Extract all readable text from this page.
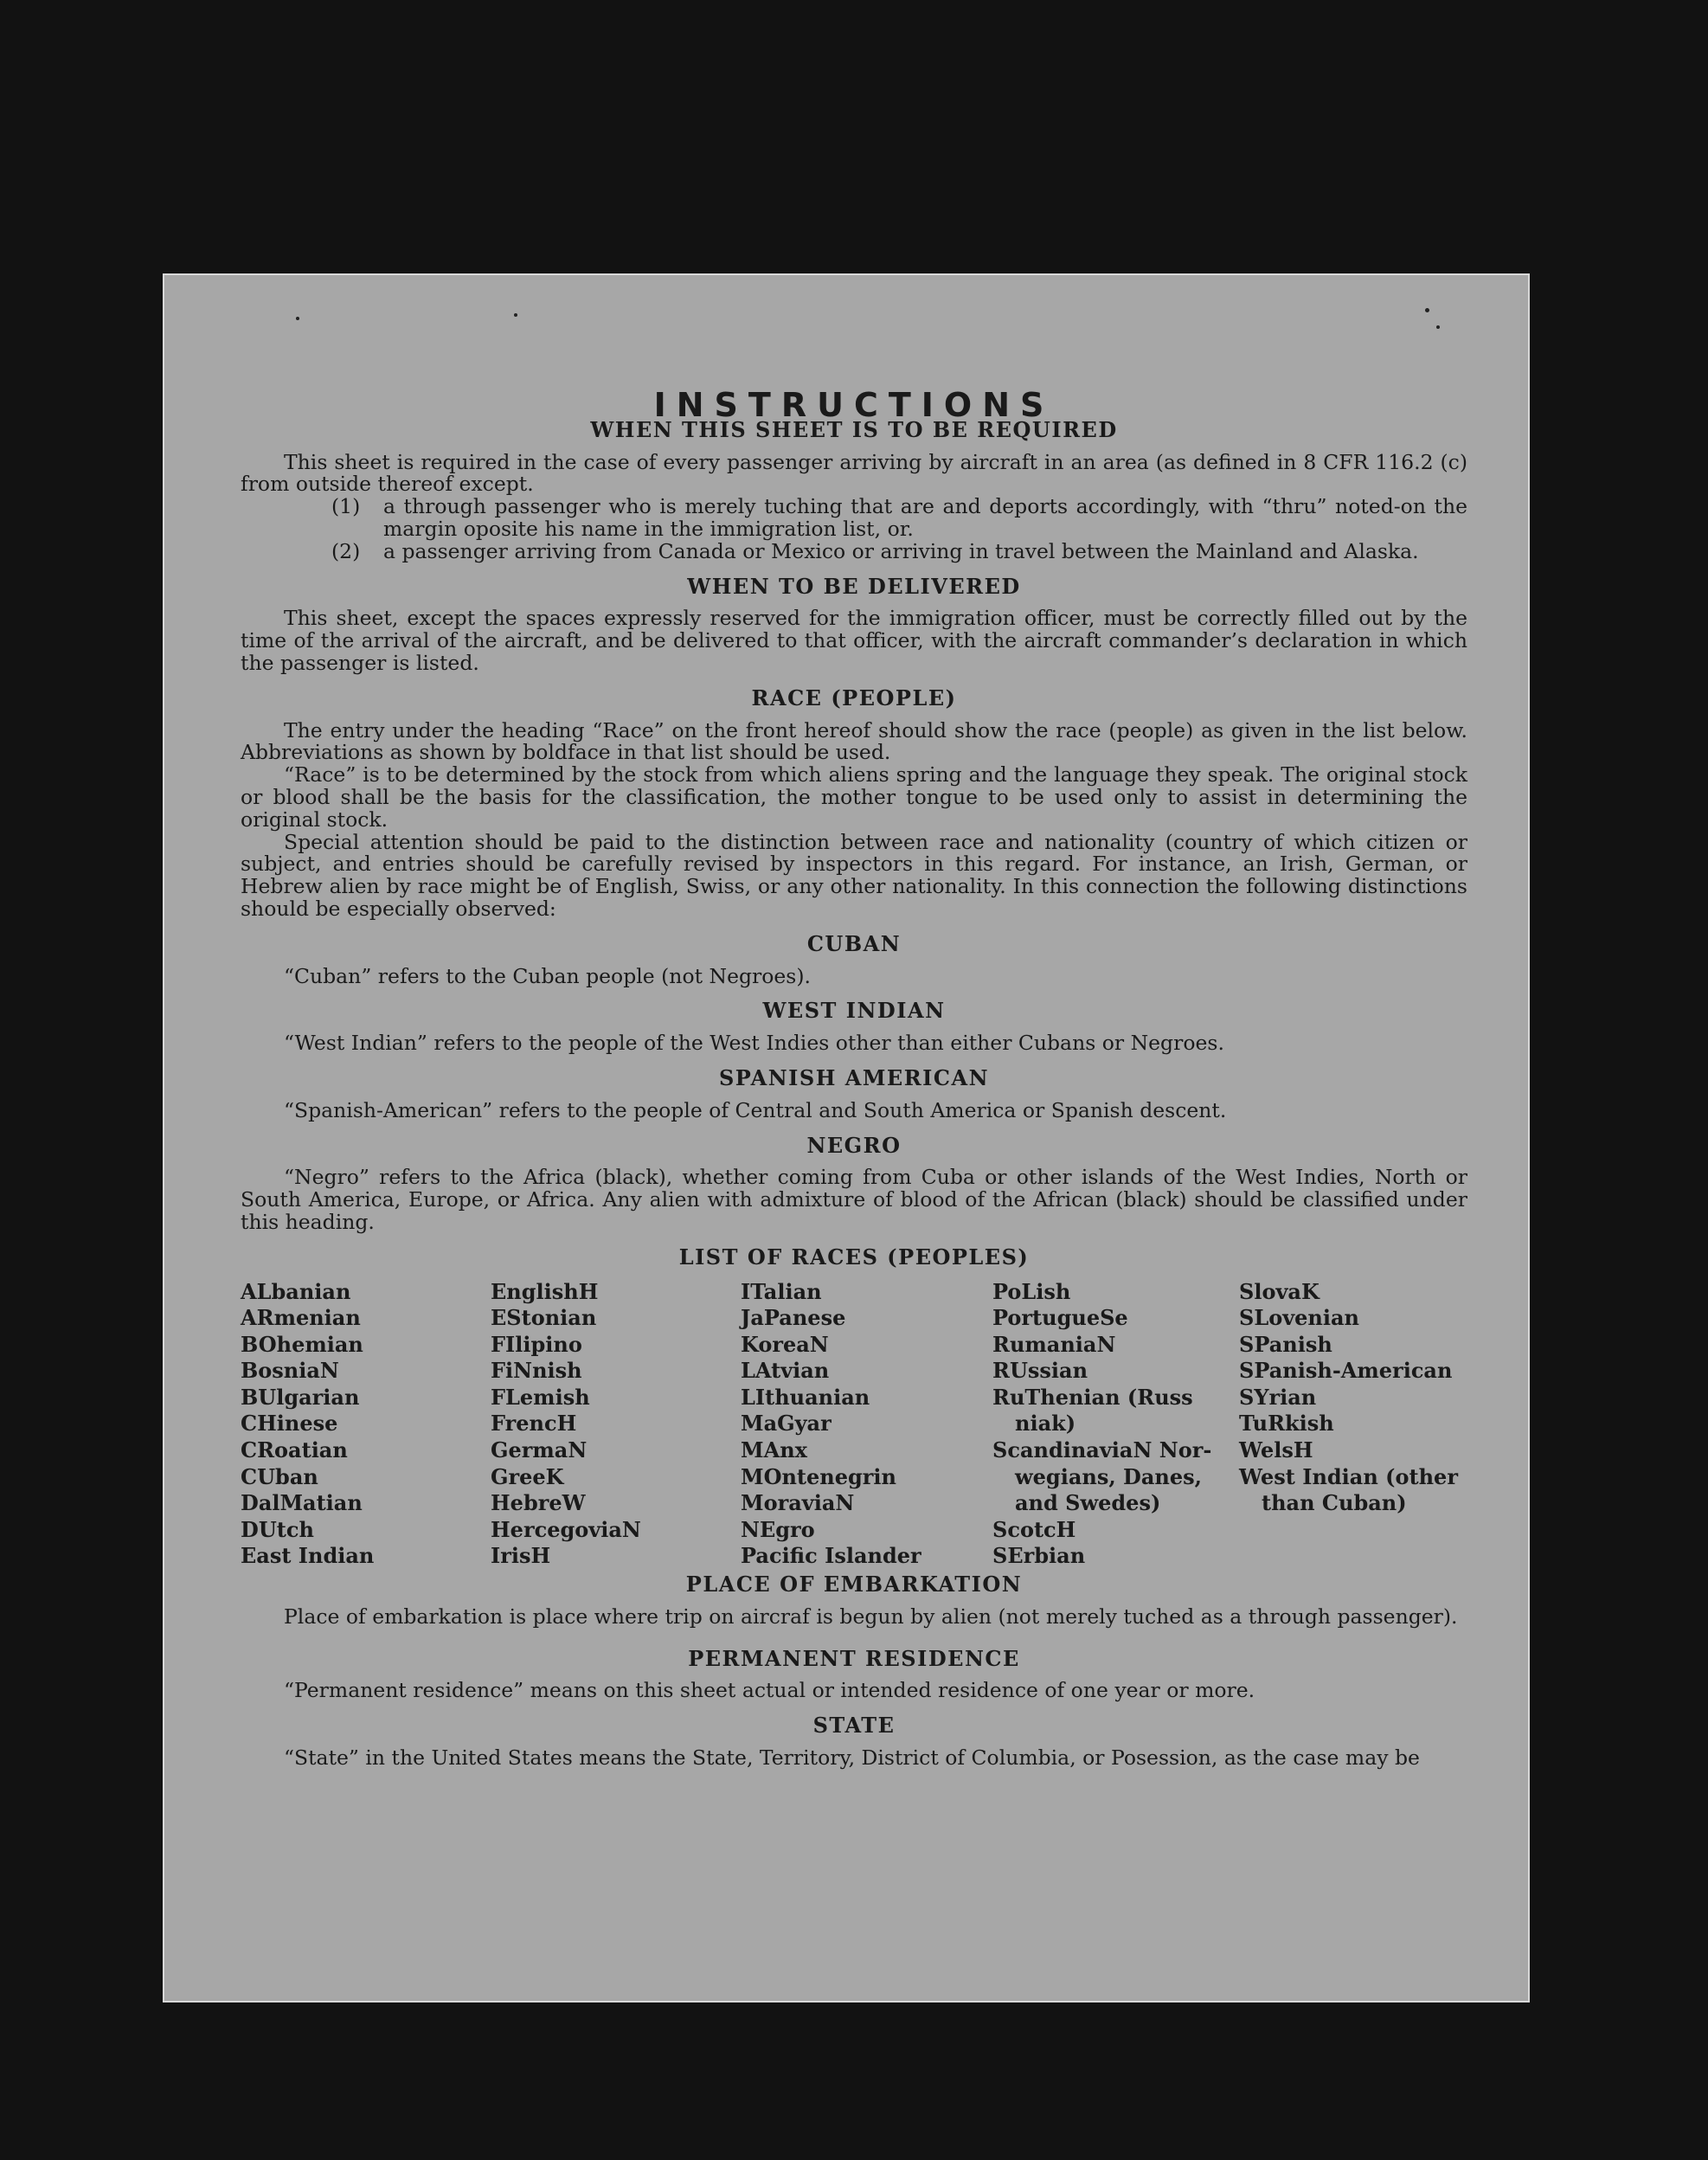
INSTRUCTIONS
WHEN THIS SHEET IS TO BE REQUIRED

This sheet is required in the case of every passenger arriving by aircraft in an area (as defined in 8 CFR 116.2 (c) from outside thereof except.

(1)	a through passenger who is merely tuching that are and deports accordingly, with “thru” noted-on the margin oposite his name in the immigration list, or.
(2)	a passenger arriving from Canada or Mexico or arriving in travel between the Mainland and Alaska.
WHEN TO BE DELIVERED

This sheet, except the spaces expressly reserved for the immigration officer, must be correctly filled out by the time of the arrival of the aircraft, and be delivered to that officer, with the aircraft commander’s declaration in which the passenger is listed.

RACE (PEOPLE)

The entry under the heading “Race” on the front hereof should show the race (people) as given in the list below. Abbreviations as shown by boldface in that list should be used.

“Race” is to be determined by the stock from which aliens spring and the language they speak. The original stock or blood shall be the basis for the classification, the mother tongue to be used only to assist in determining the original stock.

Special attention should be paid to the distinction between race and nationality (country of which citizen or subject, and entries should be carefully revised by inspectors in this regard. For instance, an Irish, German, or Hebrew alien by race might be of English, Swiss, or any other nationality. In this connection the following distinctions should be especially observed:

CUBAN

“Cuban” refers to the Cuban people (not Negroes).

WEST INDIAN

“West Indian” refers to the people of the West Indies other than either Cubans or Negroes.

SPANISH AMERICAN

“Spanish-American” refers to the people of Central and South America or Spanish descent.

NEGRO

“Negro” refers to the Africa (black), whether coming from Cuba or other islands of the West Indies, North or South America, Europe, or Africa. Any alien with admixture of blood of the African (black) should be classified under this heading.

LIST OF RACES (PEOPLES)
ALbanian
ARmenian
BOhemian
BosniaN
BUlgarian
CHinese
CRoatian
CUban
DalMatian
DUtch
East Indian
EnglishH
EStonian
FIlipino
FiNnish
FLemish
FrencH
GermaN
GreeK
HebreW
HercegoviaN
IrisH
ITalian
JaPanese
KoreaN
LAtvian
LIthuanian
MaGyar
MAnx
MOntenegrin
MoraviaN
NEgro
Pacific Islander
PoLish
PortugueSe
RumaniaN
RUssian
RuThenian (Russ niak)
ScandinaviaN Nor-wegians, Danes, and Swedes)
ScotcH
SErbian
SlovaK
SLovenian
SPanish
SPanish-American
SYrian
TuRkish
WelsH
West Indian (other than Cuban)
PLACE OF EMBARKATION

Place of embarkation is place where trip on aircraf is begun by alien (not merely tuched as a through passenger).

PERMANENT RESIDENCE

“Permanent residence” means on this sheet actual or intended residence of one year or more.

STATE

“State” in the United States means the State, Territory, District of Columbia, or Posession, as the case may be
